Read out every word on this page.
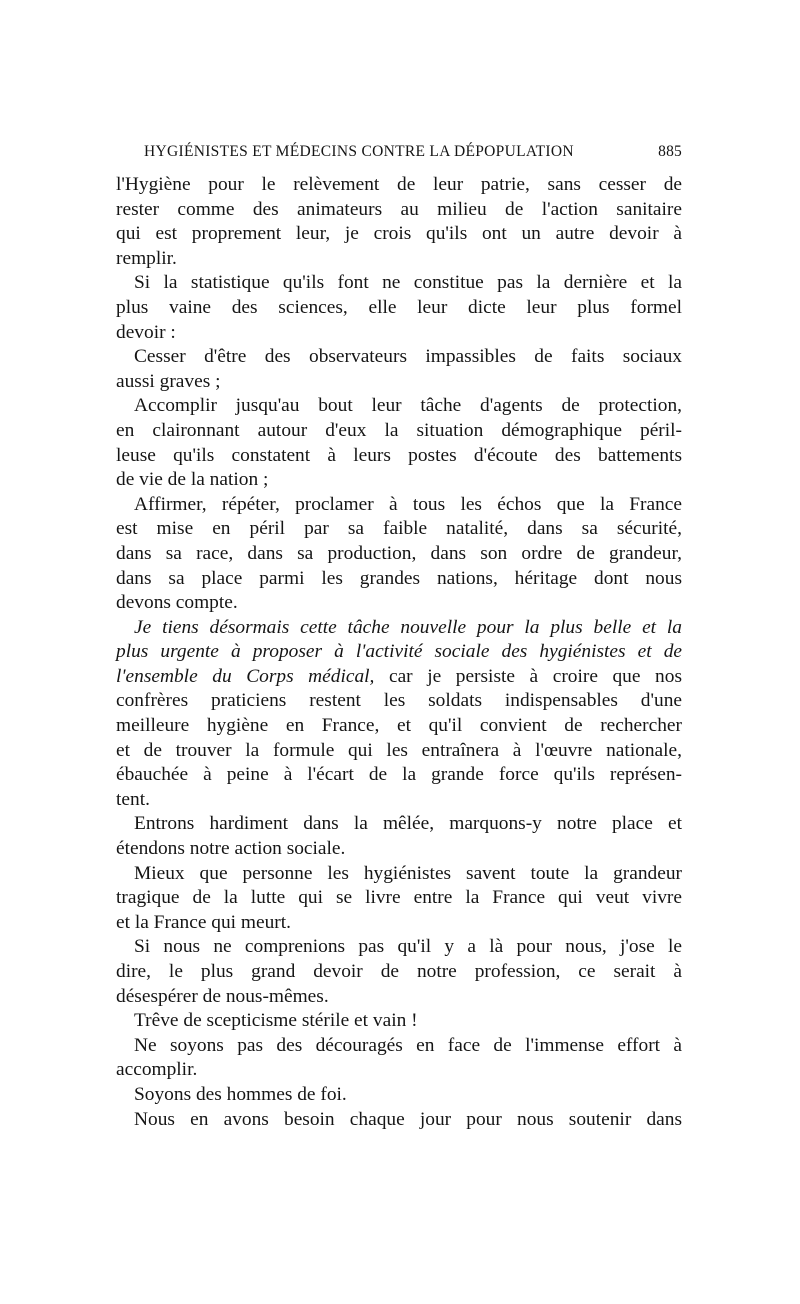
HYGIÉNISTES ET MÉDECINS CONTRE LA DÉPOPULATION	885
l'Hygiène pour le relèvement de leur patrie, sans cesser de
rester comme des animateurs au milieu de l'action sanitaire
qui est proprement leur, je crois qu'ils ont un autre devoir à
remplir.
Si la statistique qu'ils font ne constitue pas la dernière et la
plus vaine des sciences, elle leur dicte leur plus formel
devoir :
Cesser d'être des observateurs impassibles de faits sociaux
aussi graves ;
Accomplir jusqu'au bout leur tâche d'agents de protection,
en claironnant autour d'eux la situation démographique péril-
leuse qu'ils constatent à leurs postes d'écoute des battements
de vie de la nation ;
Affirmer, répéter, proclamer à tous les échos que la France
est mise en péril par sa faible natalité, dans sa sécurité,
dans sa race, dans sa production, dans son ordre de grandeur,
dans sa place parmi les grandes nations, héritage dont nous
devons compte.
Je tiens désormais cette tâche nouvelle pour la plus belle et la
plus urgente à proposer à l'activité sociale des hygiénistes et de
l'ensemble du Corps médical, car je persiste à croire que nos
confrères praticiens restent les soldats indispensables d'une
meilleure hygiène en France, et qu'il convient de rechercher
et de trouver la formule qui les entraînera à l'œuvre nationale,
ébauchée à peine à l'écart de la grande force qu'ils représen-
tent.
Entrons hardiment dans la mêlée, marquons-y notre place et
étendons notre action sociale.
Mieux que personne les hygiénistes savent toute la grandeur
tragique de la lutte qui se livre entre la France qui veut vivre
et la France qui meurt.
Si nous ne comprenions pas qu'il y a là pour nous, j'ose le
dire, le plus grand devoir de notre profession, ce serait à
désespérer de nous-mêmes.
Trêve de scepticisme stérile et vain !
Ne soyons pas des découragés en face de l'immense effort à
accomplir.
Soyons des hommes de foi.
Nous en avons besoin chaque jour pour nous soutenir dans
